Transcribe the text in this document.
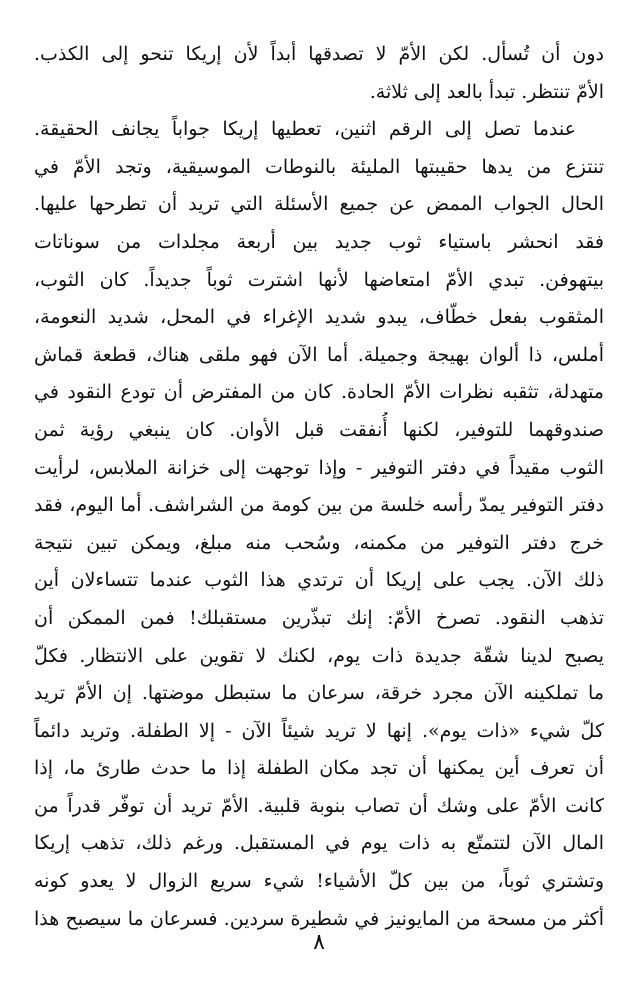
دون أن تُسأل. لكن الأمّ لا تصدقها أبداً لأن إريكا تنحو إلى الكذب.
الأمّ تنتظر. تبدأ بالعد إلى ثلاثة.
عندما تصل إلى الرقم اثنين، تعطيها إريكا جواباً يجانف الحقيقة.
تنتزع من يدها حقيبتها المليئة بالنوطات الموسيقية، وتجد الأمّ في
الحال الجواب الممض عن جميع الأسئلة التي تريد أن تطرحها عليها.
فقد انحشر باستياء ثوب جديد بين أربعة مجلدات من سوناتات
بيتهوفن. تبدي الأمّ امتعاضها لأنها اشترت ثوباً جديداً. كان الثوب،
المثقوب بفعل خطّاف، يبدو شديد الإغراء في المحل، شديد النعومة،
أملس، ذا ألوان بهيجة وجميلة. أما الآن فهو ملقى هناك، قطعة قماش
متهدلة، تثقبه نظرات الأمّ الحادة. كان من المفترض أن تودع النقود في
صندوقهما للتوفير، لكنها أُنفقت قبل الأوان. كان ينبغي رؤية ثمن
الثوب مقيداً في دفتر التوفير - وإذا توجهت إلى خزانة الملابس، لرأيت
دفتر التوفير يمدّ رأسه خلسة من بين كومة من الشراشف. أما اليوم، فقد
خرج دفتر التوفير من مكمنه، وسُحب منه مبلغ، ويمكن تبين نتيجة
ذلك الآن. يجب على إريكا أن ترتدي هذا الثوب عندما تتساءلان أين
تذهب النقود. تصرخ الأمّ: إنك تبذّرين مستقبلك! فمن الممكن أن
يصبح لدينا شقّة جديدة ذات يوم، لكنك لا تقوين على الانتظار. فكلّ
ما تملكينه الآن مجرد خرقة، سرعان ما ستبطل موضتها. إن الأمّ تريد
كلّ شيء «ذات يوم». إنها لا تريد شيئاً الآن - إلا الطفلة. وتريد دائماً
أن تعرف أين يمكنها أن تجد مكان الطفلة إذا ما حدث طارئ ما، إذا
كانت الأمّ على وشك أن تصاب بنوبة قلبية. الأمّ تريد أن توفّر قدراً من
المال الآن لتتمتّع به ذات يوم في المستقبل. ورغم ذلك، تذهب إريكا
وتشتري ثوباً، من بين كلّ الأشياء! شيء سريع الزوال لا يعدو كونه
أكثر من مسحة من المايونيز في شطيرة سردين. فسرعان ما سيصبح هذا
٨
